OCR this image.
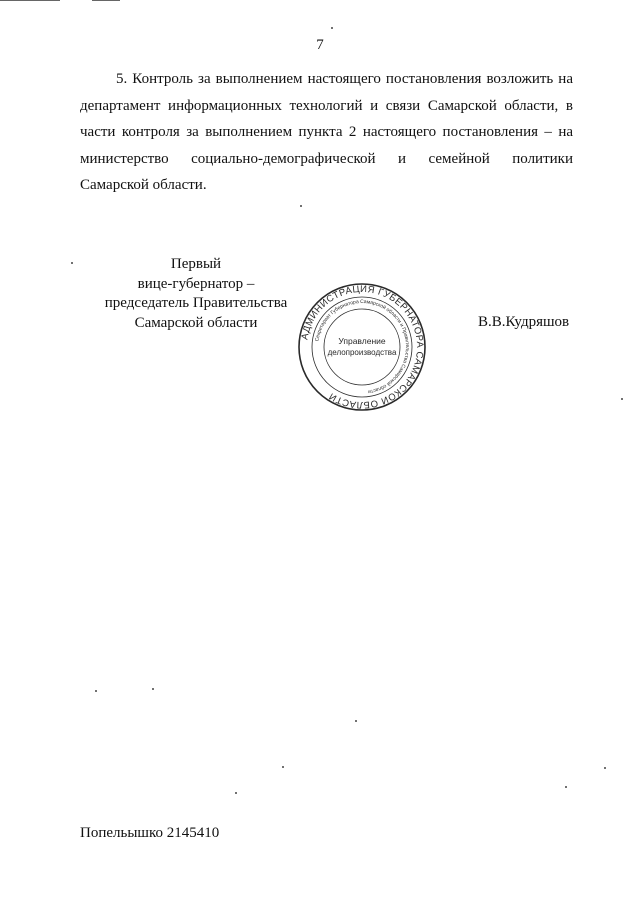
7
5. Контроль за выполнением настоящего постановления возложить на
департамент информационных технологий и связи Самарской области, в
части контроля за выполнением пункта 2 настоящего постановления – на
министерство социально-демографической и семейной политики
Самарской области.
Первый
вице-губернатор –
председатель Правительства
Самарской области
АДМИНИСТРАЦИЯ ГУБЕРНАТОРА САМАРСКОЙ ОБЛАСТИ
Секретариат Губернатора Самарской области и Правительства Самарской области
Управление
делопроизводства
В.В.Кудряшов
Попельышко 2145410
